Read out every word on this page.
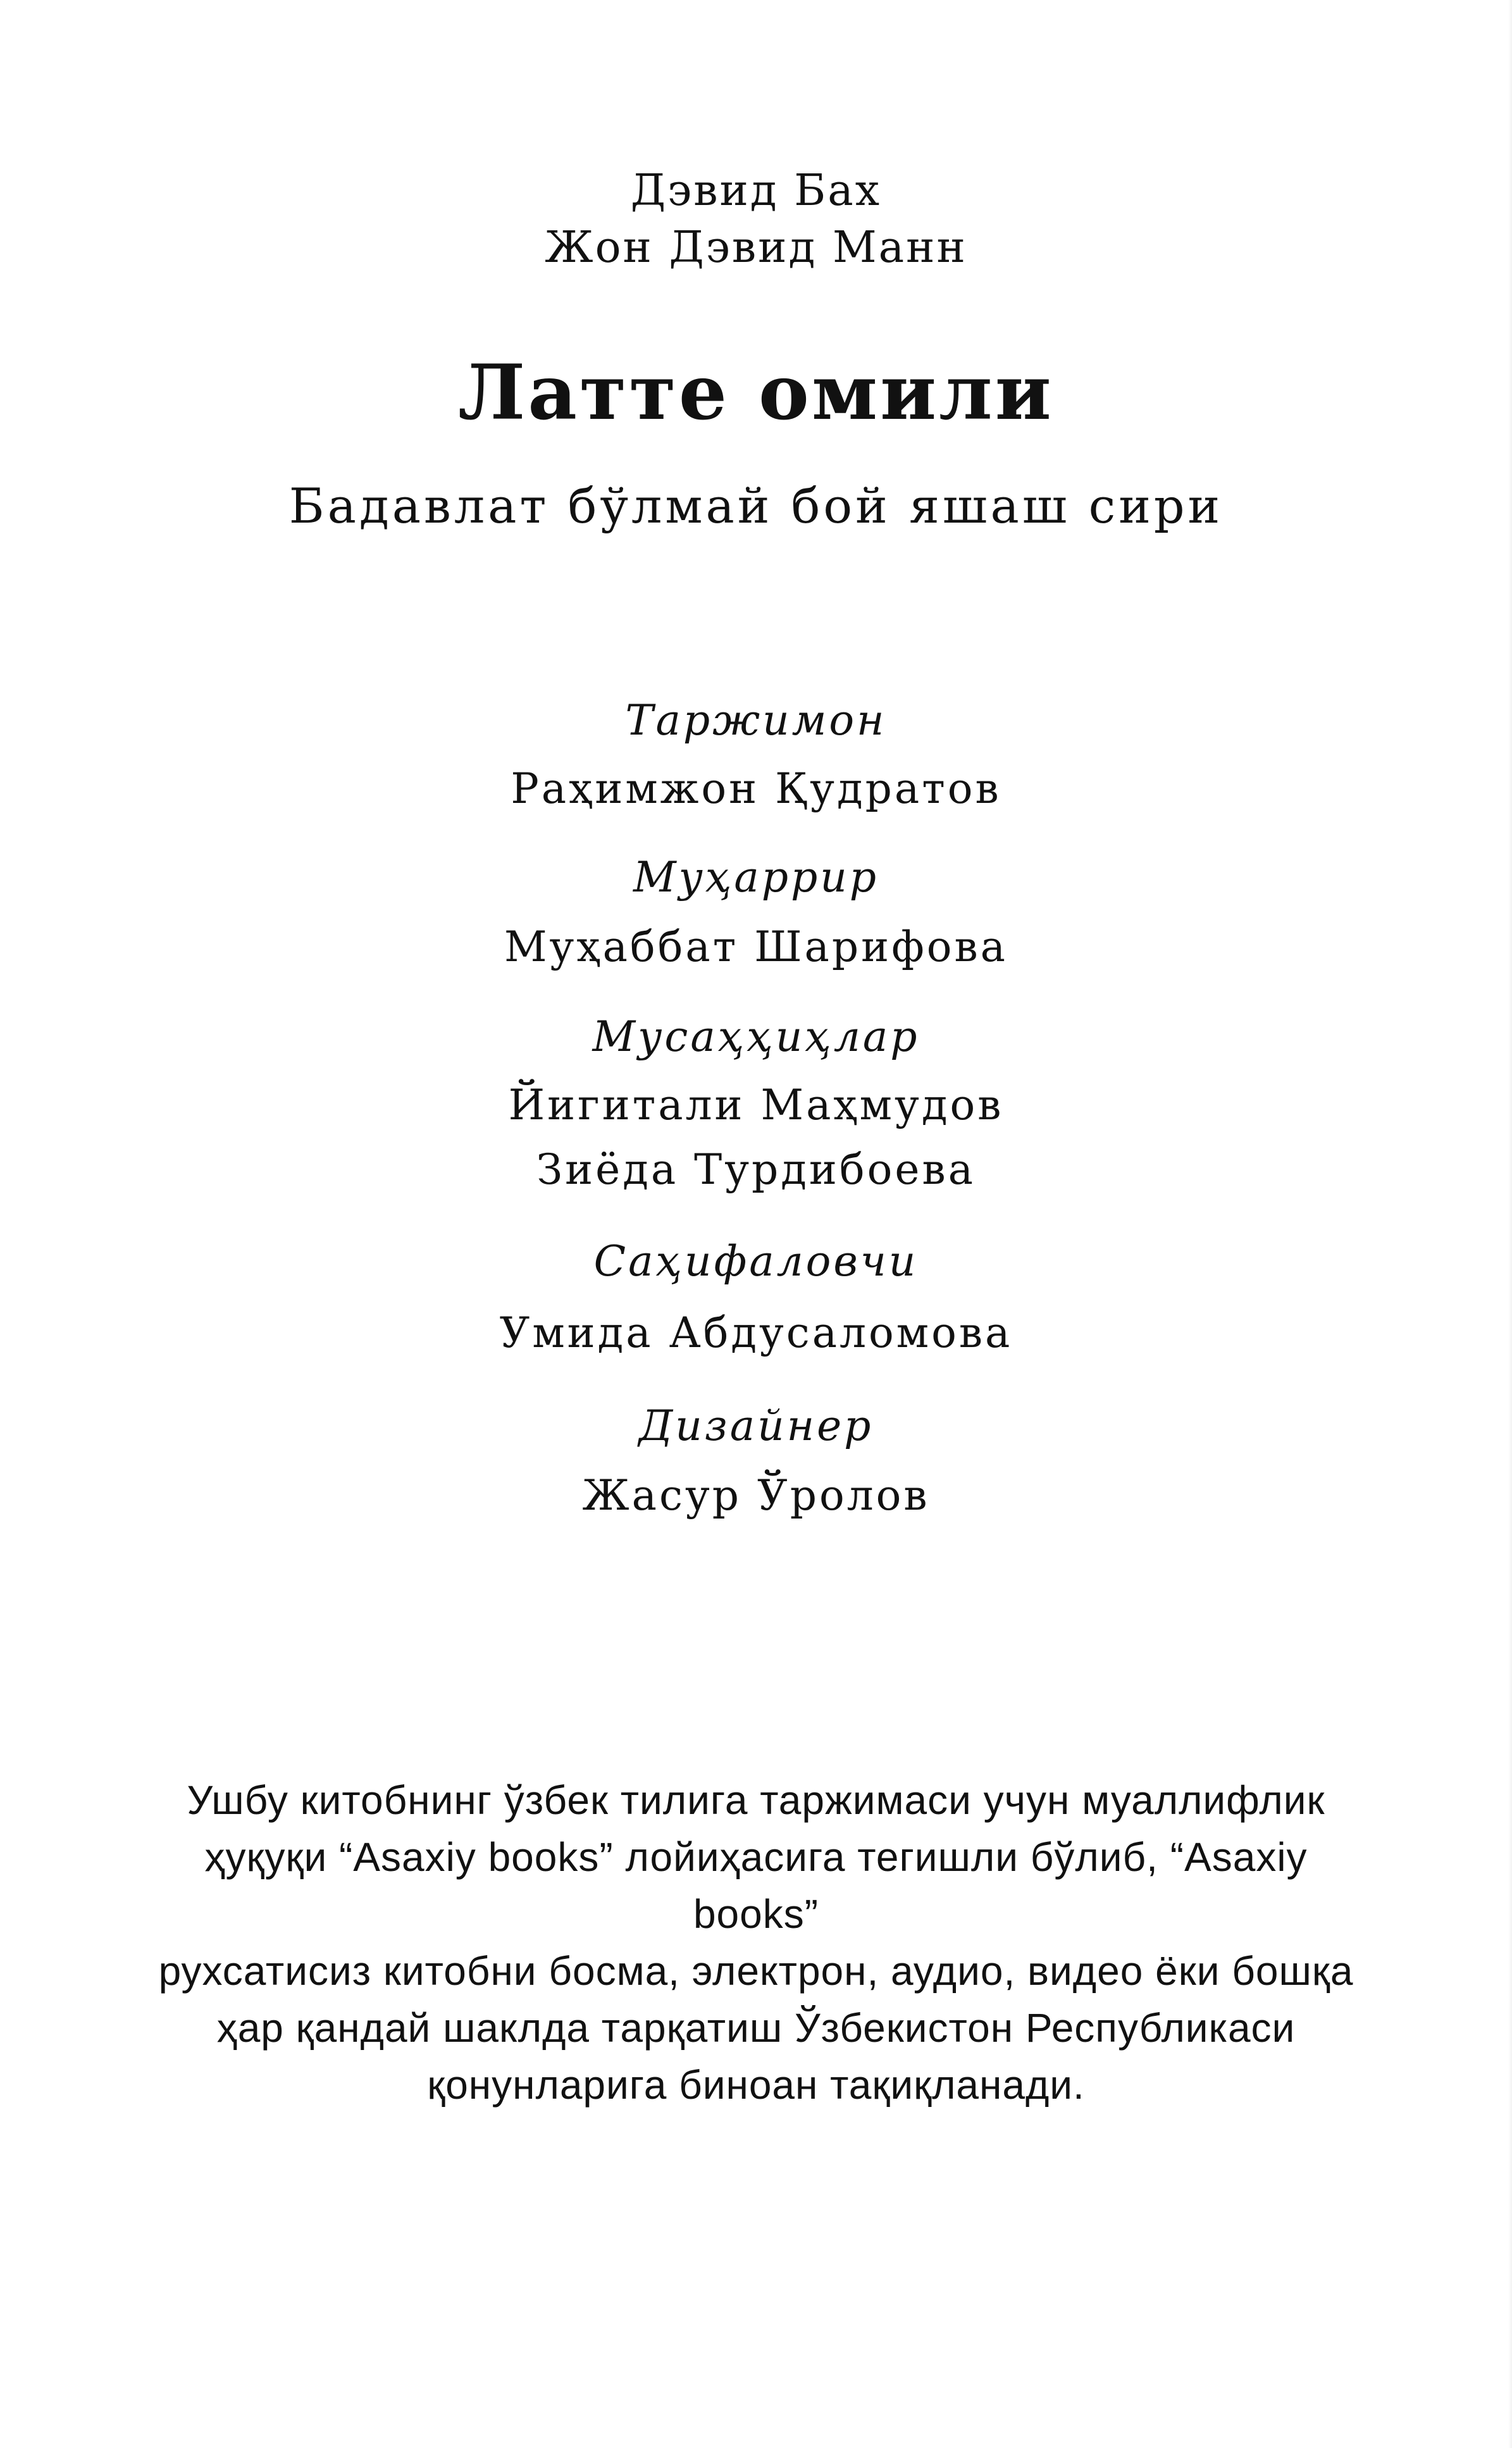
Дэвид Бах
Жон Дэвид Манн
Латте омили
Бадавлат бўлмай бой яшаш сири
Таржимон
Раҳимжон Қудратов
Муҳаррир
Муҳаббат Шарифова
Мусаҳҳиҳлар
Йигитали Маҳмудов
Зиёда Турдибоева
Саҳифаловчи
Умида Абдусаломова
Дизайнер
Жасур Ўролов

Ушбу китобнинг ўзбек тилига таржимаси учун муаллифлик

ҳуқуқи “Asaxiy books” лойиҳасига тегишли бўлиб, “Asaxiy books”

рухсатисиз китобни босма, электрон, аудио, видео ёки бошқа

ҳар қандай шаклда тарқатиш Ўзбекистон Республикаси

қонунларига биноан тақиқланади.
